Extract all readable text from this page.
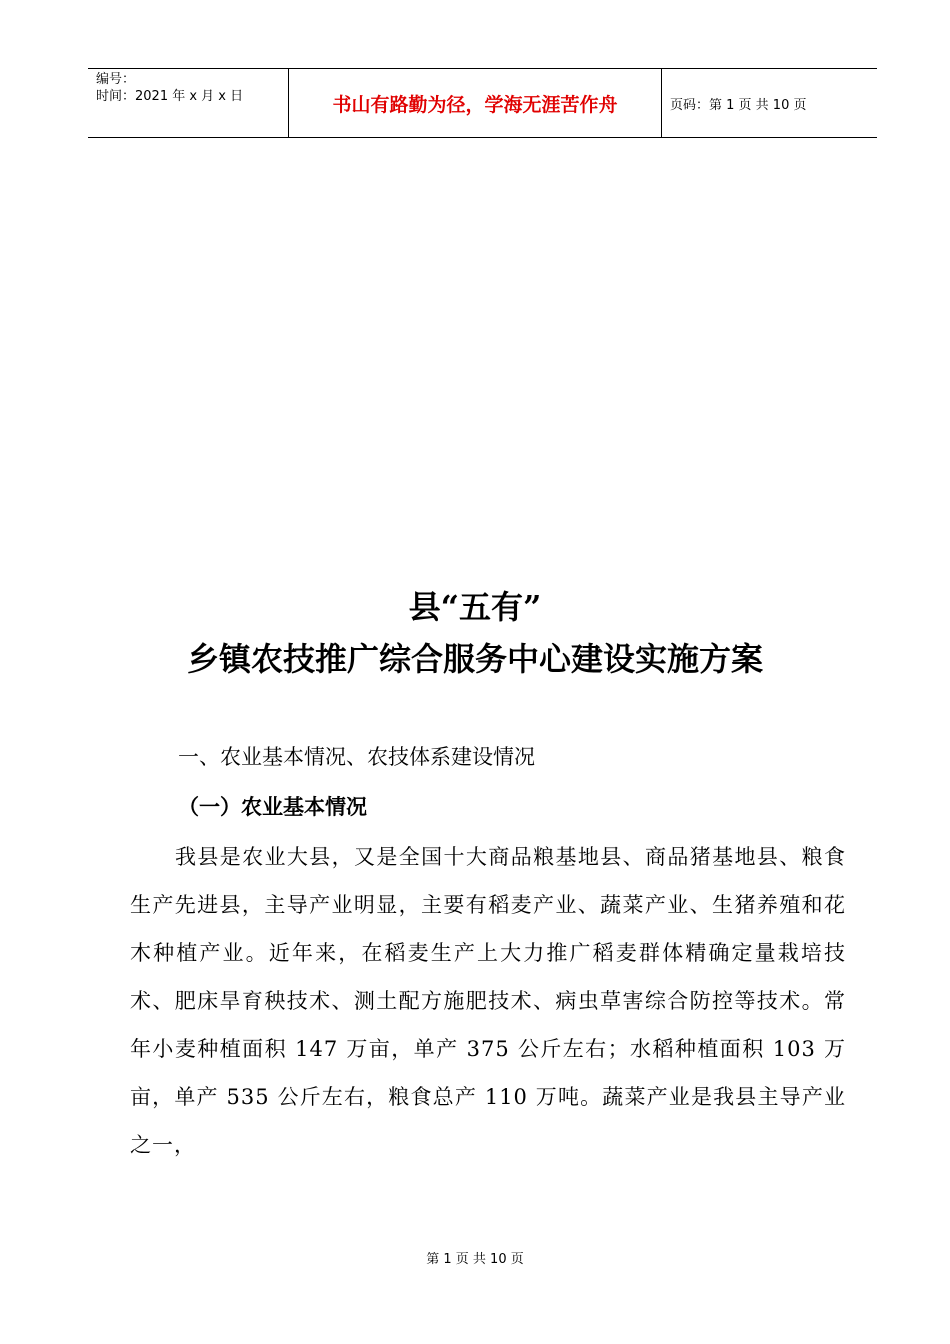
编号：
时间：2021 年 x 月 x 日	书山有路勤为径，学海无涯苦作舟	页码：第 1 页 共 10 页
县“五有”
乡镇农技推广综合服务中心建设实施方案
一、农业基本情况、农技体系建设情况
（一）农业基本情况

我县是农业大县，又是全国十大商品粮基地县、商品猪基地县、粮食生产先进县，主导产业明显，主要有稻麦产业、蔬菜产业、生猪养殖和花木种植产业。近年来，在稻麦生产上大力推广稻麦群体精确定量栽培技术、肥床旱育秧技术、测土配方施肥技术、病虫草害综合防控等技术。常年小麦种植面积 147 万亩，单产 375 公斤左右；水稻种植面积 103 万亩，单产 535 公斤左右，粮食总产 110 万吨。蔬菜产业是我县主导产业之一，

第 1 页 共 10 页
